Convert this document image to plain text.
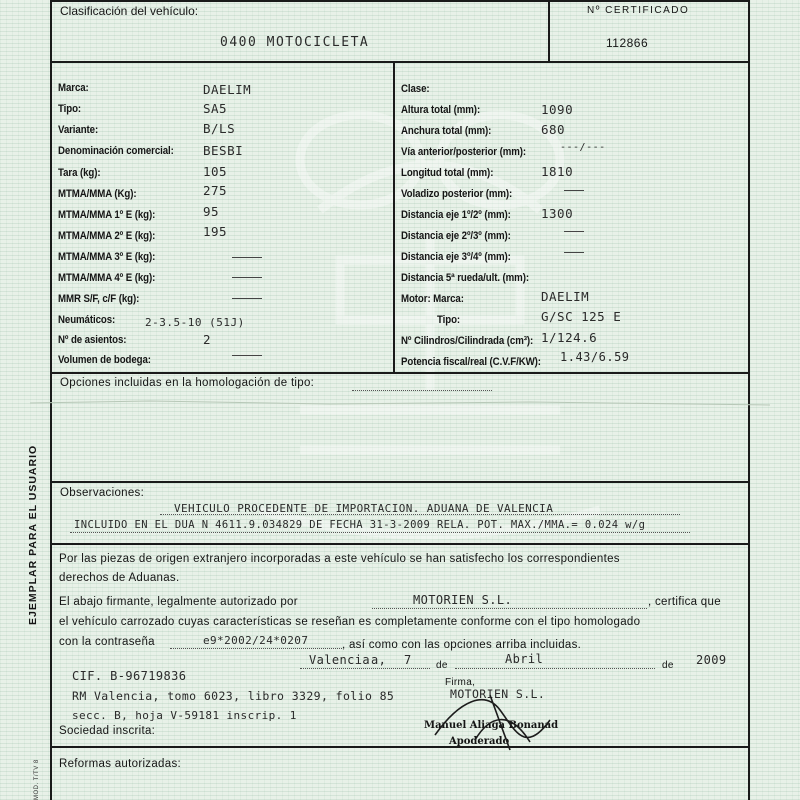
Clasificación del vehículo:
0400 MOTOCICLETA
Nº CERTIFICADO
112866
Marca:	DAELIM
Tipo:	SA5
Variante:	B/LS
Denominación comercial: BESBI
Tara (kg):	105
MTMA/MMA (Kg):	275
MTMA/MMA 1º E (kg):	95
MTMA/MMA 2º E (kg):	195
MTMA/MMA 3º E (kg):
MTMA/MMA 4º E (kg):
MMR S/F, c/F (kg):
Neumáticos:	2-3.5-10 (51J)
Nº de asientos:	2
Volumen de bodega:
Clase:
Altura total (mm):	1090
Anchura total (mm):	680
Vía anterior/posterior (mm):	---/---
Longitud total (mm):	1810
Voladizo posterior (mm):
Distancia eje 1º/2º (mm): 1300
Distancia eje 2º/3º (mm):
Distancia eje 3º/4º (mm):
Distancia 5ª rueda/ult. (mm):
Motor: Marca:	DAELIM
Tipo:	G/SC 125 E
Nº Cilindros/Cilindrada (cm³): 1/124.6
Potencia fiscal/real (C.V.F/KW): 1.43/6.59
Opciones incluidas en la homologación de tipo:
Observaciones:
VEHICULO PROCEDENTE DE IMPORTACION. ADUANA DE VALENCIA
INCLUIDO EN EL DUA N 4611.9.034829 DE FECHA 31-3-2009 RELA. POT. MAX./MMA.= 0.024 w/g
Por las piezas de origen extranjero incorporadas a este vehículo se han satisfecho los correspondientes
derechos de Aduanas.
El abajo firmante, legalmente autorizado por	MOTORIEN S.L.	, certifica que
el vehículo carrozado cuyas características se reseñan es completamente conforme con el tipo homologado
con la contraseña	e9*2002/24*0207	, así como con las opciones arriba incluidas.
Valencia a, 7 de	Abril	de 2009
Firma,
CIF. B-96719836
RM Valencia, tomo 6023, libro 3329, folio 85
secc. B, hoja V-59181 inscrip. 1
Sociedad inscrita:
MOTORIEN S.L.
Manuel Aliaga Bonanad
Apoderado
Reformas autorizadas:
EJEMPLAR PARA EL USUARIO
MOD. T/TV 8
